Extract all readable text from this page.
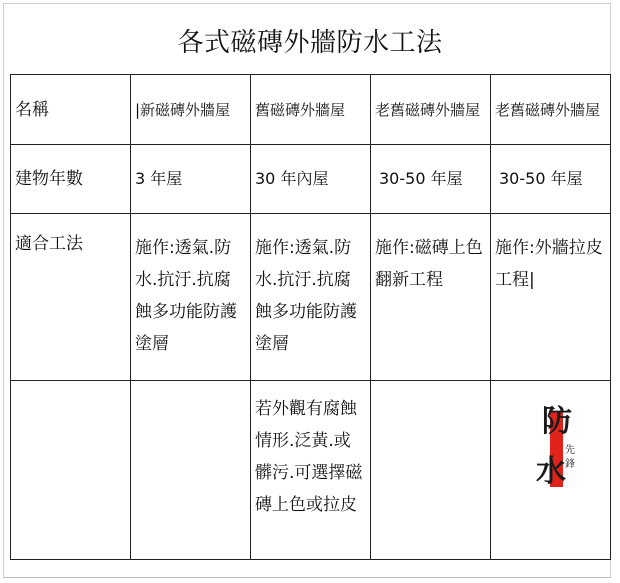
各式磁磚外牆防水工法
名稱	|新磁磚外牆屋	舊磁磚外牆屋	老舊磁磚外牆屋	老舊磁磚外牆屋
建物年數	3 年屋	30 年內屋	30-50 年屋	30-50 年屋
適合工法	施作:透氣.防水.抗汙.抗腐蝕多功能防護塗層	施作:透氣.防水.抗汙.抗腐蝕多功能防護塗層	施作:磁磚上色翻新工程	施作:外牆拉皮工程|
		若外觀有腐蝕情形.泛黃.或髒污.可選擇磁磚上色或拉皮		
防
水
先
鋒
